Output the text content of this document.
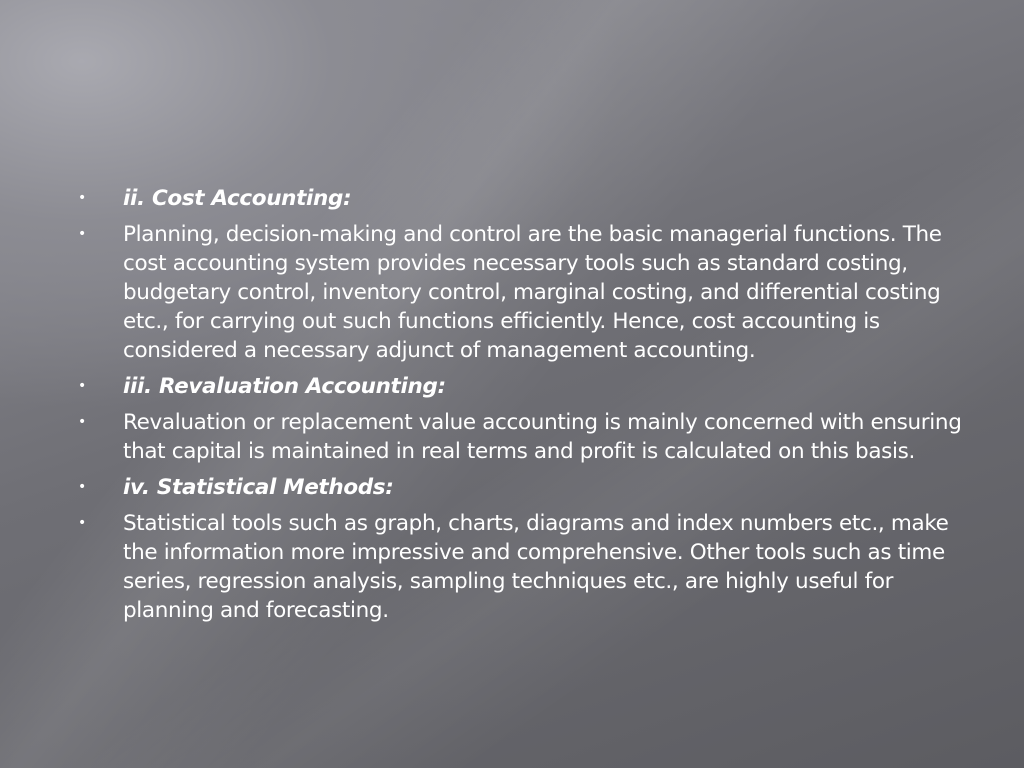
• ii. Cost Accounting:
• Planning, decision-making and control are the basic managerial functions. The cost accounting system provides necessary tools such as standard costing, budgetary control, inventory control, marginal costing, and differential costing etc., for carrying out such functions efficiently. Hence, cost accounting is considered a necessary adjunct of management accounting.
• iii. Revaluation Accounting:
• Revaluation or replacement value accounting is mainly concerned with ensuring that capital is maintained in real terms and profit is calculated on this basis.
• iv. Statistical Methods:
• Statistical tools such as graph, charts, diagrams and index numbers etc., make the information more impressive and comprehensive. Other tools such as time series, regression analysis, sampling techniques etc., are highly useful for planning and forecasting.
